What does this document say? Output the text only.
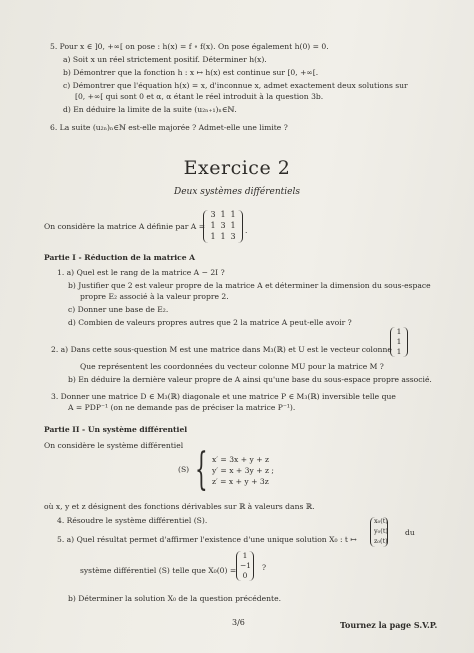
5. Pour x ∈ ]0, +∞[ on pose : h(x) = f ∘ f(x). On pose également h(0) = 0.
a) Soit x un réel strictement positif. Déterminer h(x).
b) Démontrer que la fonction h : x ↦ h(x) est continue sur [0, +∞[.
c) Démontrer que l'équation h(x) = x, d'inconnue x, admet exactement deux solutions sur
[0, +∞[ qui sont 0 et α, α étant le réel introduit à la question 3b.
d) En déduire la limite de la suite (u₂ₙ₊₁)ₙ∈ℕ.
6. La suite (u₂ₙ)ₙ∈ℕ est-elle majorée ? Admet-elle une limite ?
Exercice 2
Deux systèmes différentiels
On considère la matrice A définie par A =
3 1 1
1 3 1
1 1 3
.
Partie I - Réduction de la matrice A
1. a) Quel est le rang de la matrice A − 2I ?
b) Justifier que 2 est valeur propre de la matrice A et déterminer la dimension du sous-espace
propre E₂ associé à la valeur propre 2.
c) Donner une base de E₂.
d) Combien de valeurs propres autres que 2 la matrice A peut-elle avoir ?
2. a) Dans cette sous-question M est une matrice dans M₃(ℝ) et U est le vecteur colonne
1
1
1
Que représentent les coordonnées du vecteur colonne MU pour la matrice M ?
b) En déduire la dernière valeur propre de A ainsi qu'une base du sous-espace propre associé.
3. Donner une matrice D ∈ M₃(ℝ) diagonale et une matrice P ∈ M₃(ℝ) inversible telle que
A = PDP⁻¹ (on ne demande pas de préciser la matrice P⁻¹).
Partie II - Un système différentiel
On considère le système différentiel
(S) { x′ = 3x + y + z
y′ = x + 3y + z ;
z′ = x + y + 3z
où x, y et z désignent des fonctions dérivables sur ℝ à valeurs dans ℝ.
4. Résoudre le système différentiel (S).
5. a) Quel résultat permet d'affirmer l'existence d'une unique solution X₀ : t ↦
x₀(t)
y₀(t)
z₀(t)
du
système différentiel (S) telle que X₀(0) =
1
−1
0
?
b) Déterminer la solution X₀ de la question précédente.
3/6	Tournez la page S.V.P.
